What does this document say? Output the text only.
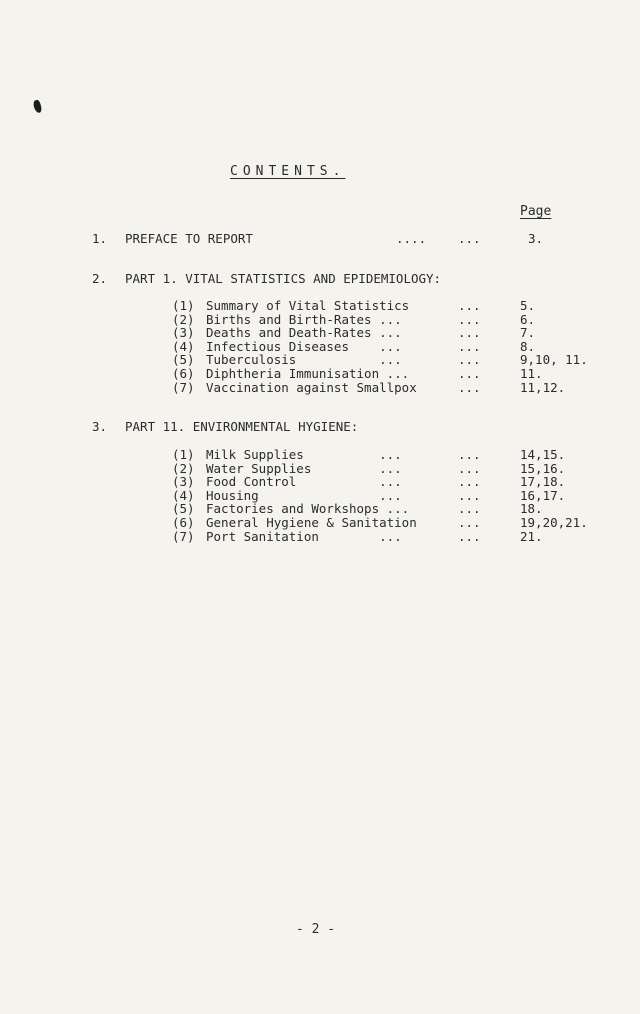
CONTENTS.
Page
1. PREFACE TO REPORT	....	...	3.
2. PART 1. VITAL STATISTICS AND EPIDEMIOLOGY:
(1) Summary of Vital Statistics	...	5.
(2) Births and Birth-Rates ...	...	6.
(3) Deaths and Death-Rates ...	...	7.
(4) Infectious Diseases    ...	...	8.
(5) Tuberculosis           ...	...	9,10, 11.
(6) Diphtheria Immunisation ...	...	11.
(7) Vaccination against Smallpox	...	11,12.
3. PART 11. ENVIRONMENTAL HYGIENE:
(1) Milk Supplies          ...	...	14,15.
(2) Water Supplies         ...	...	15,16.
(3) Food Control           ...	...	17,18.
(4) Housing                ...	...	16,17.
(5) Factories and Workshops ...	...	18.
(6) General Hygiene & Sanitation	...	19,20,21.
(7) Port Sanitation        ...	...	21.
- 2 -
